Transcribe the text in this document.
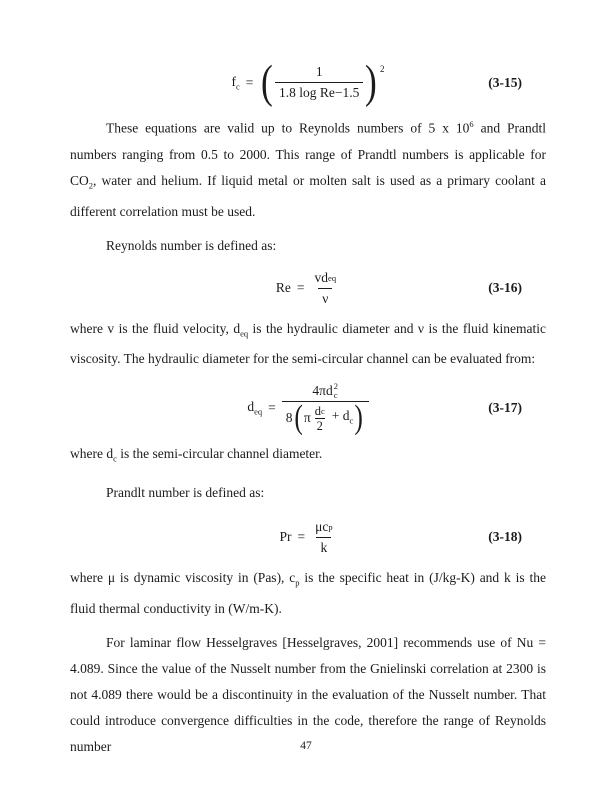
$f_c$ = ( $\frac{1}{\text{1.8 log Re−1.5}}$ ) 2
(3-15)

These equations are valid up to Reynolds numbers of 5 x $10^6$ and Prandtl numbers ranging from 0.5 to 2000. This range of Prandtl numbers is applicable for $CO_2$, water and helium. If liquid metal or molten salt is used as a primary coolant a different correlation must be used.

Reynolds number is defined as:

$Re = \frac{\text{vd eq}}{\nu}$	(3-16)

where v is the fluid velocity, $d_{eq}$ is the hydraulic diameter and ν is the fluid kinematic viscosity. The hydraulic diameter for the semi-circular channel can be evaluated from:

$d_{eq}$ =
4πd 2
c
8 ( π $\frac{\text{d c}}{2} + d_c$ )	(3-17)

where $d_c$ is the semi-circular channel diameter.

Prandlt number is defined as:

$Pr = \frac{\text{μc p}}{k}$	(3-18)

where μ is dynamic viscosity in (Pas), $c_p$ is the specific heat in (J/kg-K) and k is the fluid thermal conductivity in (W/m-K).

For laminar flow Hesselgraves [Hesselgraves, 2001] recommends use of Nu = 4.089. Since the value of the Nusselt number from the Gnielinski correlation at 2300 is not 4.089 there would be a discontinuity in the evaluation of the Nusselt number. That could introduce convergence difficulties in the code, therefore the range of Reynolds number	47
